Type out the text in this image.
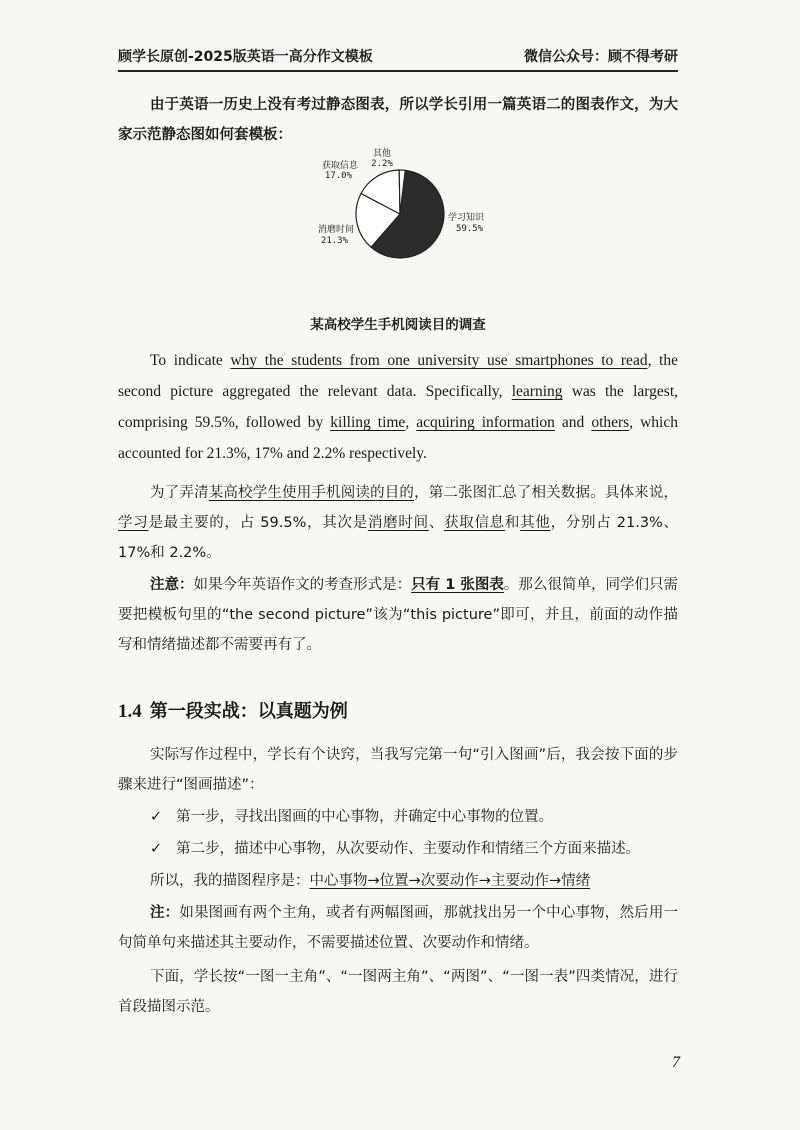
顾学长原创-2025版英语一高分作文模板	微信公众号：顾不得考研

由于英语一历史上没有考过静态图表，所以学长引用一篇英语二的图表作文，为大家示范静态图如何套模板：

获取信息
17.0%
其他
2.2%
学习知识
59.5%
消磨时间
21.3%
某高校学生手机阅读目的调查

To indicate why the students from one university use smartphones to read, the second picture aggregated the relevant data. Specifically, learning was the largest, comprising 59.5%, followed by killing time, acquiring information and others, which accounted for 21.3%, 17% and 2.2% respectively.

为了弄清某高校学生使用手机阅读的目的，第二张图汇总了相关数据。具体来说，学习是最主要的，占 59.5%，其次是消磨时间、获取信息和其他，分别占 21.3%、17%和 2.2%。

注意：如果今年英语作文的考查形式是：只有 1 张图表。那么很简单，同学们只需要把模板句里的“the second picture”该为“this picture”即可，并且，前面的动作描写和情绪描述都不需要再有了。

1.4 第一段实战：以真题为例

实际写作过程中，学长有个诀窍，当我写完第一句“引入图画”后，我会按下面的步骤来进行“图画描述”：

✓ 第一步，寻找出图画的中心事物，并确定中心事物的位置。
✓ 第二步，描述中心事物，从次要动作、主要动作和情绪三个方面来描述。

所以，我的描图程序是：中心事物→位置→次要动作→主要动作→情绪

注：如果图画有两个主角，或者有两幅图画，那就找出另一个中心事物，然后用一句简单句来描述其主要动作，不需要描述位置、次要动作和情绪。

下面，学长按“一图一主角”、“一图两主角”、“两图”、“一图一表”四类情况，进行首段描图示范。

7
